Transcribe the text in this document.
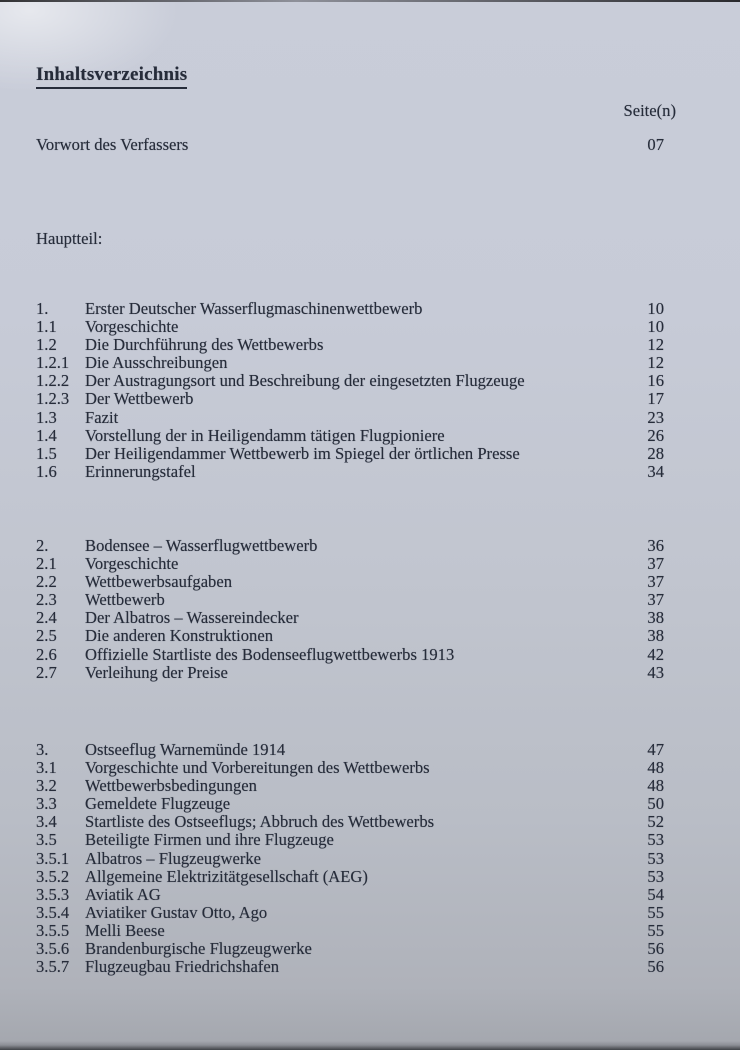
Inhaltsverzeichnis
Seite(n)
Vorwort des Verfassers	07
Hauptteil:
1.	Erster Deutscher Wasserflugmaschinenwettbewerb	10
1.1	Vorgeschichte	10
1.2	Die Durchführung des Wettbewerbs	12
1.2.1 Die Ausschreibungen	12
1.2.2 Der Austragungsort und Beschreibung der eingesetzten Flugzeuge	16
1.2.3 Der Wettbewerb	17
1.3	Fazit	23
1.4	Vorstellung der in Heiligendamm tätigen Flugpioniere	26
1.5	Der Heiligendammer Wettbewerb im Spiegel der örtlichen Presse	28
1.6	Erinnerungstafel	34
2.	Bodensee – Wasserflugwettbewerb	36
2.1	Vorgeschichte	37
2.2	Wettbewerbsaufgaben	37
2.3	Wettbewerb	37
2.4	Der Albatros – Wassereindecker	38
2.5	Die anderen Konstruktionen	38
2.6	Offizielle Startliste des Bodenseeflugwettbewerbs 1913	42
2.7	Verleihung der Preise	43
3.	Ostseeflug Warnemünde 1914	47
3.1	Vorgeschichte und Vorbereitungen des Wettbewerbs	48
3.2	Wettbewerbsbedingungen	48
3.3	Gemeldete Flugzeuge	50
3.4	Startliste des Ostseeflugs; Abbruch des Wettbewerbs	52
3.5	Beteiligte Firmen und ihre Flugzeuge	53
3.5.1 Albatros – Flugzeugwerke	53
3.5.2 Allgemeine Elektrizitätgesellschaft (AEG)	53
3.5.3 Aviatik AG	54
3.5.4 Aviatiker Gustav Otto, Ago	55
3.5.5 Melli Beese	55
3.5.6 Brandenburgische Flugzeugwerke	56
3.5.7 Flugzeugbau Friedrichshafen	56
